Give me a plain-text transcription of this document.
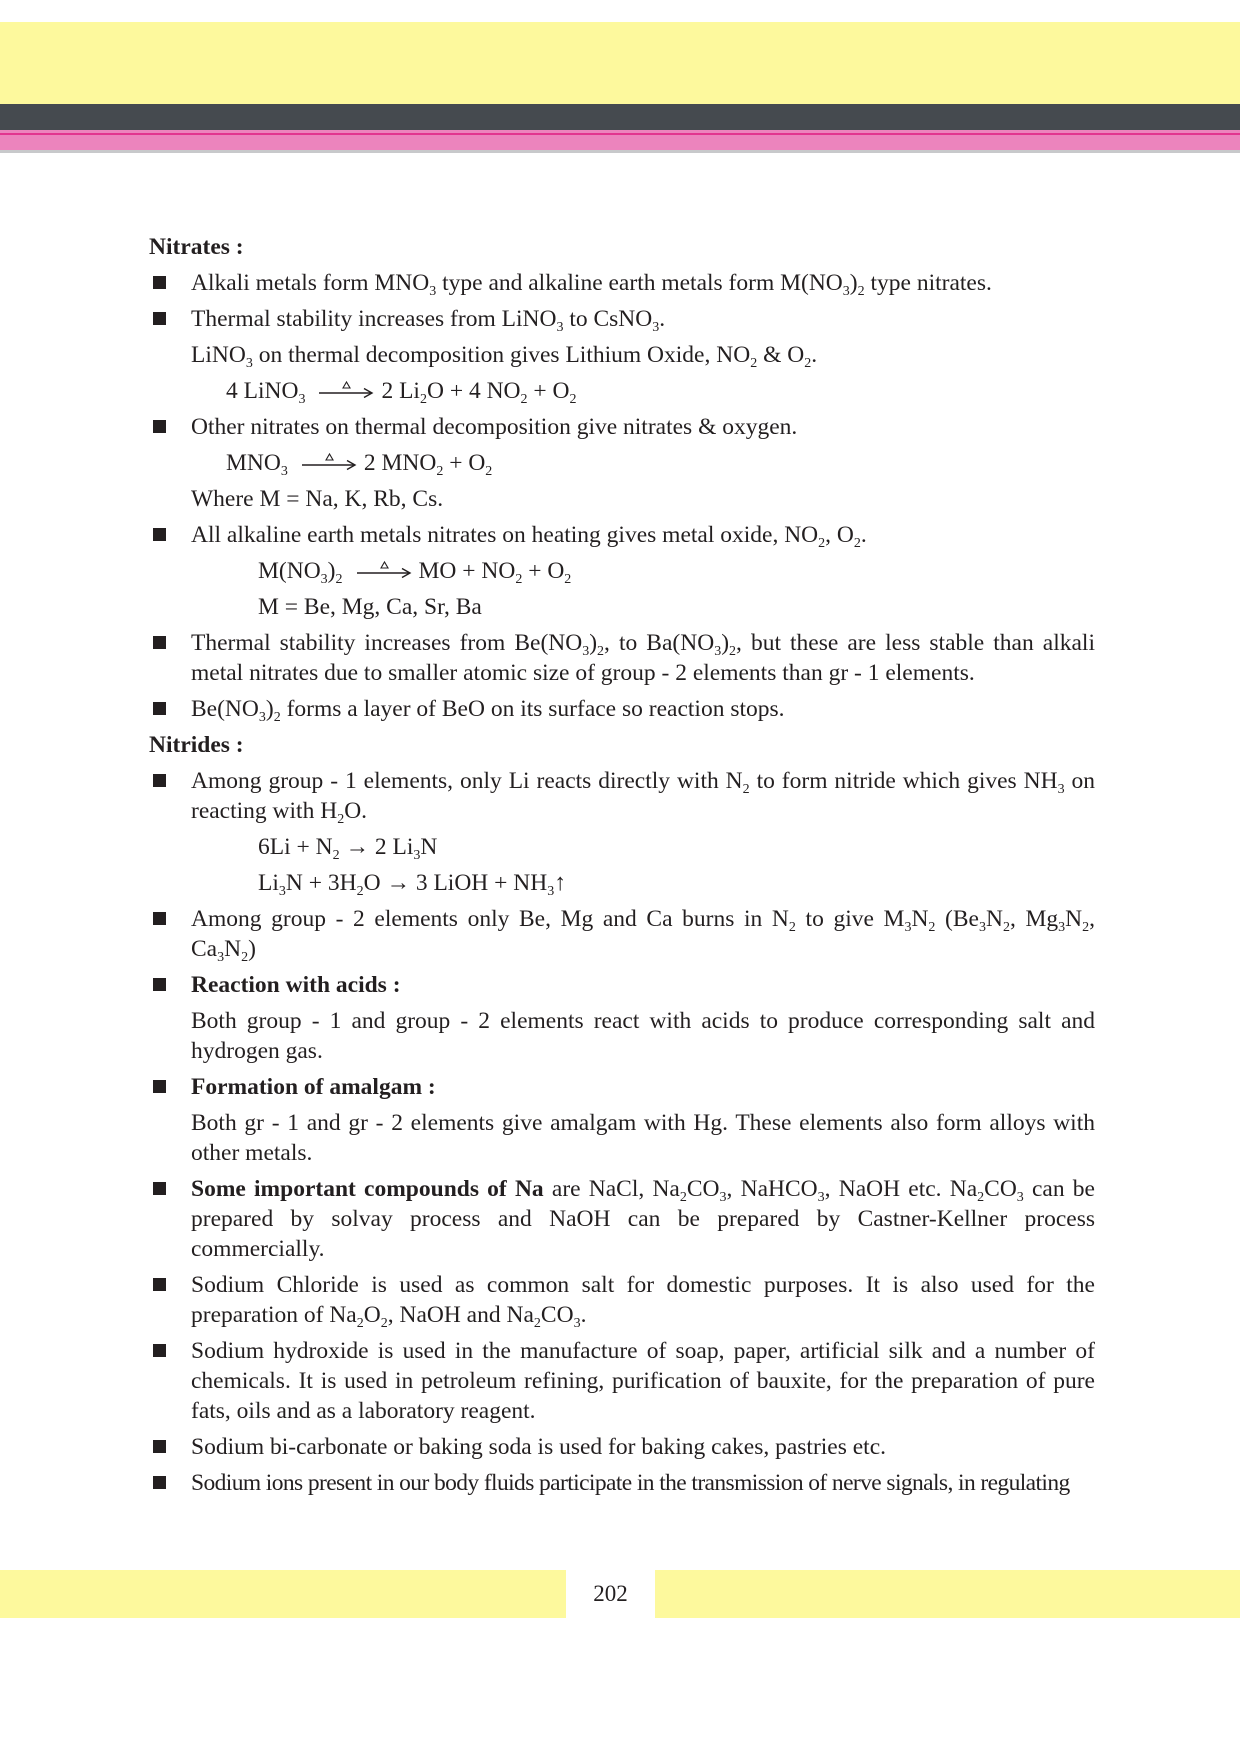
Nitrates :
Alkali metals form $MNO_3$ type and alkaline earth metals form $M(NO_3)_2$ type nitrates.
Thermal stability increases from LiNO$_3$ to CsNO$_3$.
LiNO$_3$ on thermal decomposition gives Lithium Oxide, $NO_2$ & $O_2$.
4 LiNO$_3$	2 $Li_2O + 4$ $NO_2 + O_2$
Other nitrates on thermal decomposition give nitrates & oxygen.
$MNO_3$	2 $MNO_2 + O_2$
Where M = Na, K, Rb, Cs.
All alkaline earth metals nitrates on heating gives metal oxide, $NO_2$, $O_2$.
$M(NO_3)_2$	MO + $NO_2 + O_2$
M = Be, Mg, Ca, Sr, Ba
Thermal stability increases from $Be(NO_3)_2$, to $Ba(NO_3)_2$, but these are less stable than alkali metal nitrates due to smaller atomic size of group - 2 elements than gr - 1 elements.
$Be(NO_3)_2$ forms a layer of BeO on its surface so reaction stops.
Nitrides :
Among group - 1 elements, only Li reacts directly with $N_2$ to form nitride which gives $NH_3$ on reacting with $H_2O$.
$6Li + N_2 \to 2$ $Li_3N$
$Li_3N + 3H_2O \to 3$ LiOH + $NH_3↑$
Among group - 2 elements only Be, Mg and Ca burns in $N_2$ to give $M_3N_2$ ($Be_3N_2$, $Mg_3N_2$, $Ca_3N_2$)
Reaction with acids :
Both group - 1 and group - 2 elements react with acids to produce corresponding salt and hydrogen gas.
Formation of amalgam :
Both gr - 1 and gr - 2 elements give amalgam with Hg. These elements also form alloys with other metals.
Some important compounds of Na are NaCl, $Na_2CO_3$, NaHCO$_3$, NaOH etc. $Na_2CO_3$ can be prepared by solvay process and NaOH can be prepared by Castner-Kellner process commercially.
Sodium Chloride is used as common salt for domestic purposes. It is also used for the preparation of $Na_2O_2$, NaOH and $Na_2CO_3$.
Sodium hydroxide is used in the manufacture of soap, paper, artificial silk and a number of chemicals. It is used in petroleum refining, purification of bauxite, for the preparation of pure fats, oils and as a laboratory reagent.
Sodium bi-carbonate or baking soda is used for baking cakes, pastries etc.
Sodium ions present in our body fluids participate in the transmission of nerve signals, in regulating
202
